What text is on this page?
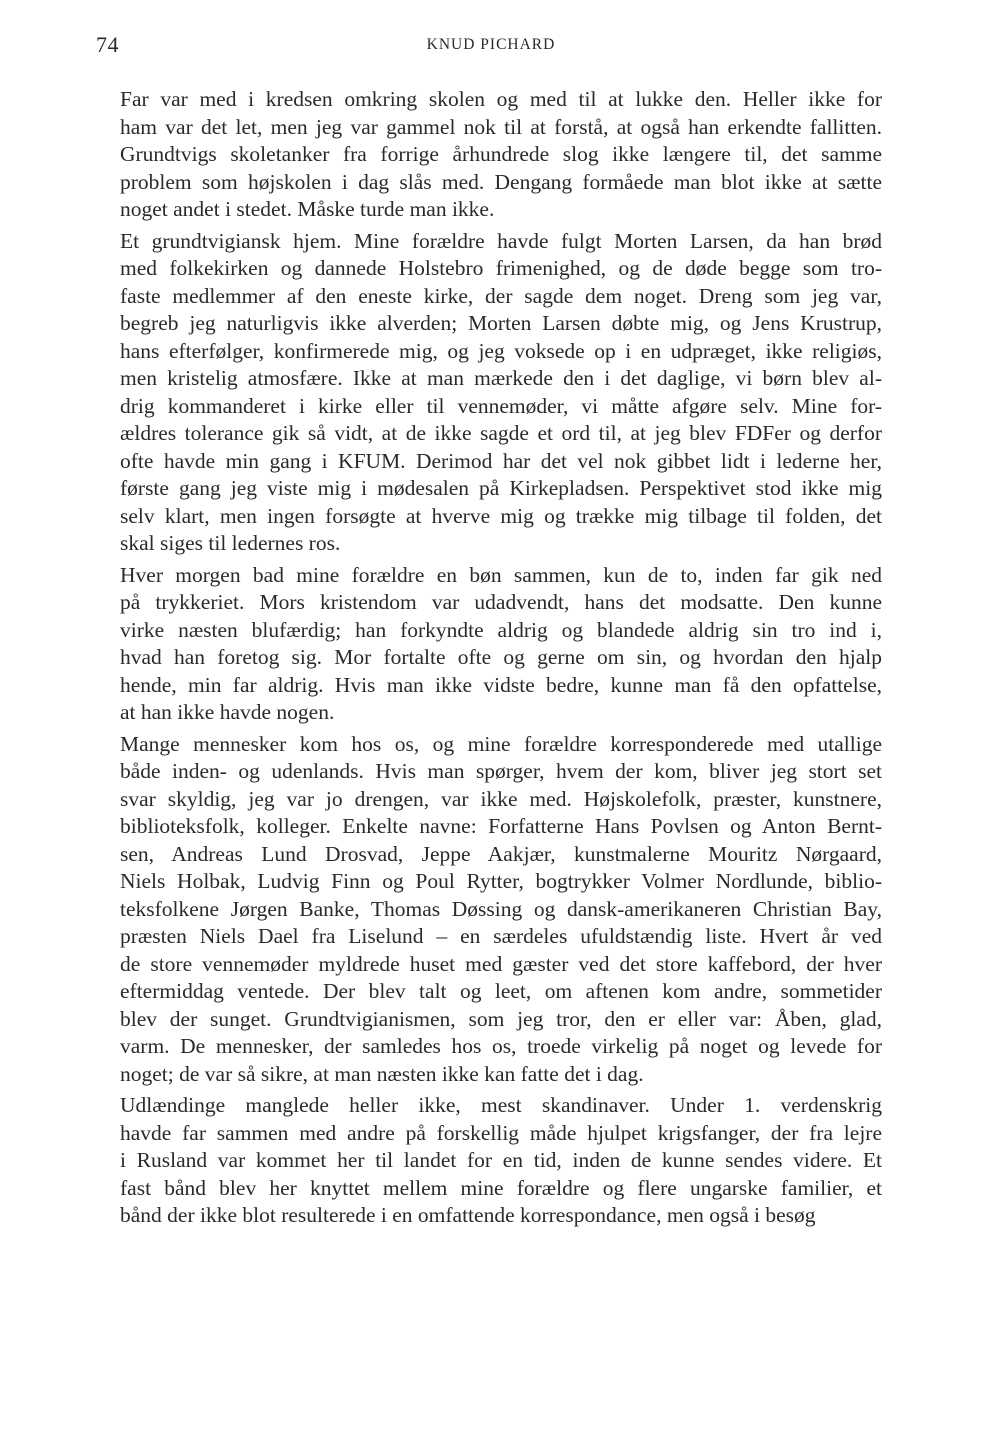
74	KNUD PICHARD
Far var med i kredsen omkring skolen og med til at lukke den. Heller ikke for
ham var det let, men jeg var gammel nok til at forstå, at også han erkendte fallitten.
Grundtvigs skoletanker fra forrige århundrede slog ikke længere til, det samme
problem som højskolen i dag slås med. Dengang formåede man blot ikke at sætte
noget andet i stedet. Måske turde man ikke.
Et grundtvigiansk hjem. Mine forældre havde fulgt Morten Larsen, da han brød
med folkekirken og dannede Holstebro frimenighed, og de døde begge som tro-
faste medlemmer af den eneste kirke, der sagde dem noget. Dreng som jeg var,
begreb jeg naturligvis ikke alverden; Morten Larsen døbte mig, og Jens Krustrup,
hans efterfølger, konfirmerede mig, og jeg voksede op i en udpræget, ikke religiøs,
men kristelig atmosfære. Ikke at man mærkede den i det daglige, vi børn blev al-
drig kommanderet i kirke eller til vennemøder, vi måtte afgøre selv. Mine for-
ældres tolerance gik så vidt, at de ikke sagde et ord til, at jeg blev FDFer og derfor
ofte havde min gang i KFUM. Derimod har det vel nok gibbet lidt i lederne her,
første gang jeg viste mig i mødesalen på Kirkepladsen. Perspektivet stod ikke mig
selv klart, men ingen forsøgte at hverve mig og trække mig tilbage til folden, det
skal siges til ledernes ros.
Hver morgen bad mine forældre en bøn sammen, kun de to, inden far gik ned
på trykkeriet. Mors kristendom var udadvendt, hans det modsatte. Den kunne
virke næsten blufærdig; han forkyndte aldrig og blandede aldrig sin tro ind i,
hvad han foretog sig. Mor fortalte ofte og gerne om sin, og hvordan den hjalp
hende, min far aldrig. Hvis man ikke vidste bedre, kunne man få den opfattelse,
at han ikke havde nogen.
Mange mennesker kom hos os, og mine forældre korresponderede med utallige
både inden- og udenlands. Hvis man spørger, hvem der kom, bliver jeg stort set
svar skyldig, jeg var jo drengen, var ikke med. Højskolefolk, præster, kunstnere,
biblioteksfolk, kolleger. Enkelte navne: Forfatterne Hans Povlsen og Anton Bernt-
sen, Andreas Lund Drosvad, Jeppe Aakjær, kunstmalerne Mouritz Nørgaard,
Niels Holbak, Ludvig Finn og Poul Rytter, bogtrykker Volmer Nordlunde, biblio-
teksfolkene Jørgen Banke, Thomas Døssing og dansk-amerikaneren Christian Bay,
præsten Niels Dael fra Liselund – en særdeles ufuldstændig liste. Hvert år ved
de store vennemøder myldrede huset med gæster ved det store kaffebord, der hver
eftermiddag ventede. Der blev talt og leet, om aftenen kom andre, sommetider
blev der sunget. Grundtvigianismen, som jeg tror, den er eller var: Åben, glad,
varm. De mennesker, der samledes hos os, troede virkelig på noget og levede for
noget; de var så sikre, at man næsten ikke kan fatte det i dag.
Udlændinge manglede heller ikke, mest skandinaver. Under 1. verdenskrig
havde far sammen med andre på forskellig måde hjulpet krigsfanger, der fra lejre
i Rusland var kommet her til landet for en tid, inden de kunne sendes videre. Et
fast bånd blev her knyttet mellem mine forældre og flere ungarske familier, et
bånd der ikke blot resulterede i en omfattende korrespondance, men også i besøg
